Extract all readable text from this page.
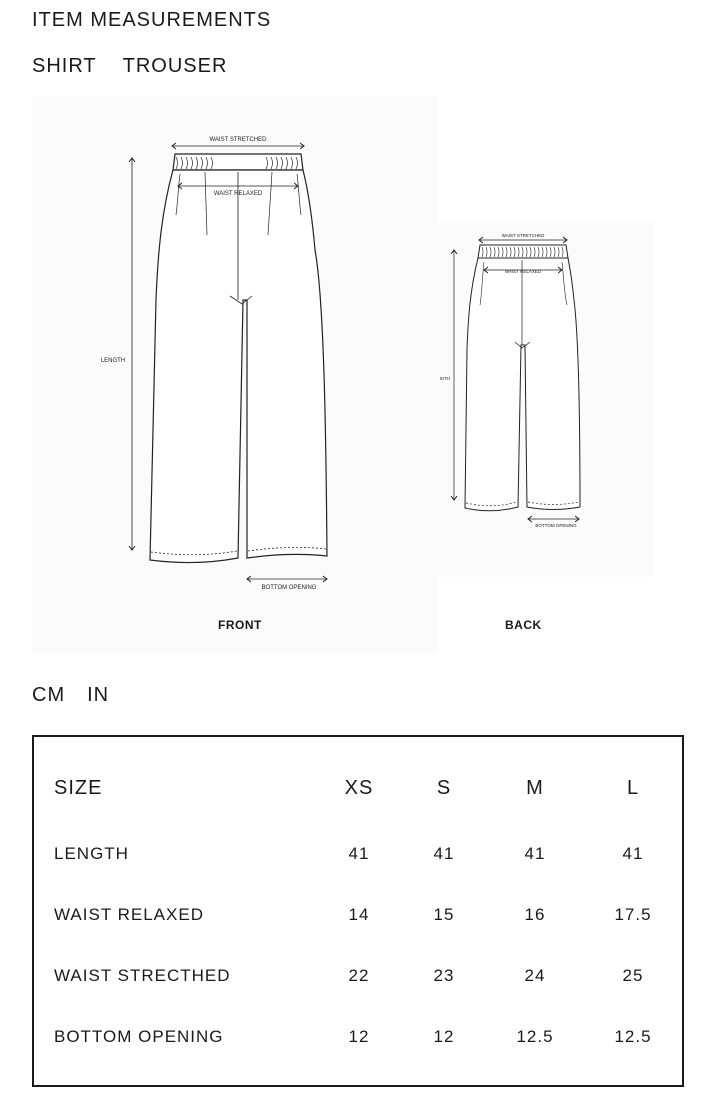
ITEM MEASUREMENTS
SHIRT TROUSER
WAIST STRETCHED
WAIST RELAXED
LENGTH
BOTTOM OPENING
WAIST STRETCHED
WAIST RELAXED
IGTH
BOTTOM OPENING
FRONT	BACK
CM IN
SIZE	XS	S	M	L
LENGTH	41	41	41	41
WAIST RELAXED	14	15	16	17.5
WAIST STRECTHED	22	23	24	25
BOTTOM OPENING	12	12	12.5	12.5
